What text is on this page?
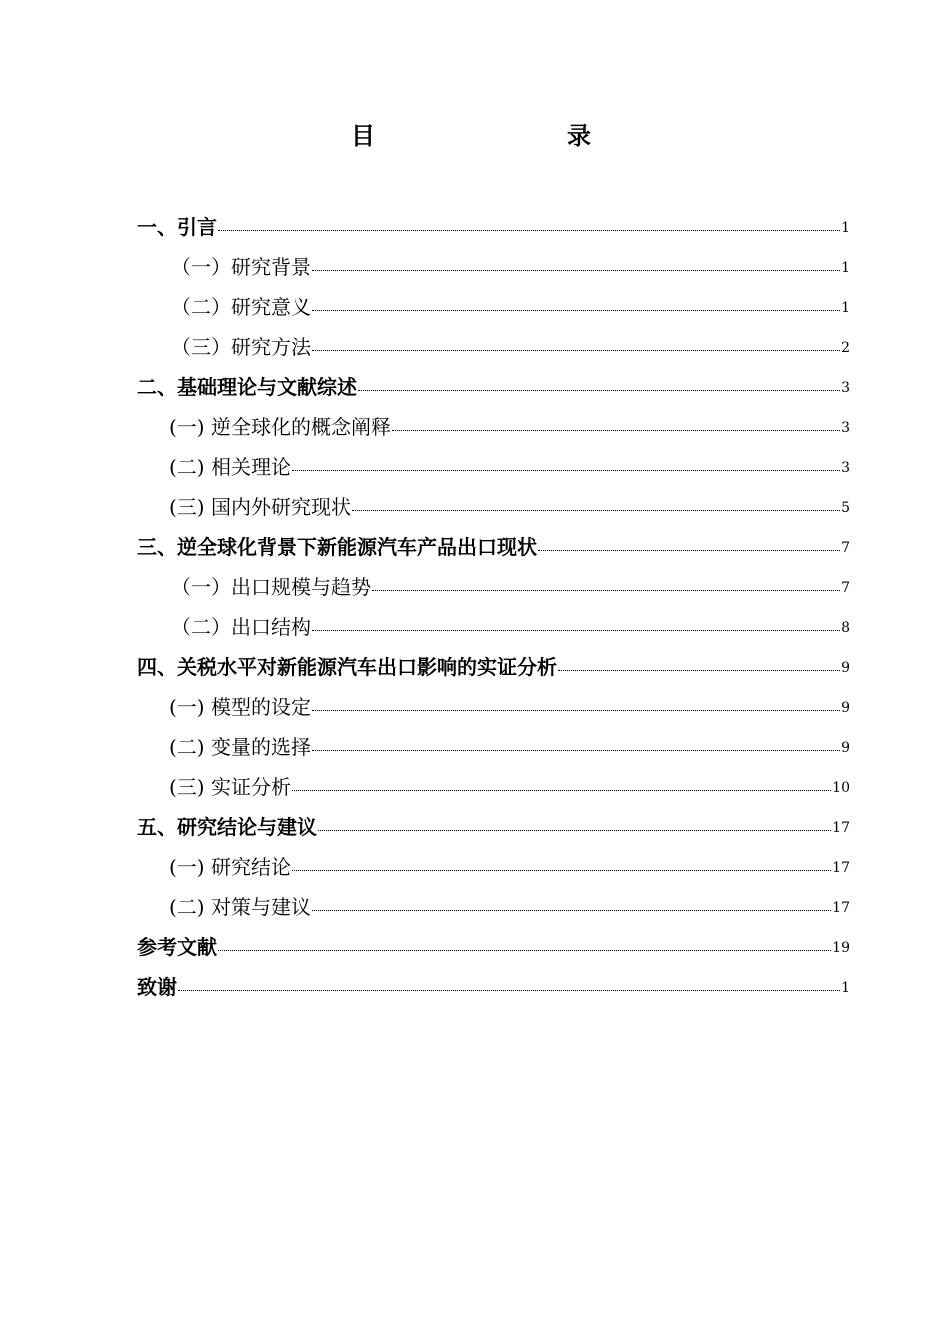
目　　录
一、引言	1
（一）研究背景	1
（二）研究意义	1
（三）研究方法	2
二、基础理论与文献综述	3
(一) 逆全球化的概念阐释	3
(二) 相关理论	3
(三) 国内外研究现状	5
三、逆全球化背景下新能源汽车产品出口现状	7
（一）出口规模与趋势	7
（二）出口结构	8
四、关税水平对新能源汽车出口影响的实证分析	9
(一) 模型的设定	9
(二) 变量的选择	9
(三) 实证分析	10
五、研究结论与建议	17
(一) 研究结论	17
(二) 对策与建议	17
参考文献	19
致谢	1
